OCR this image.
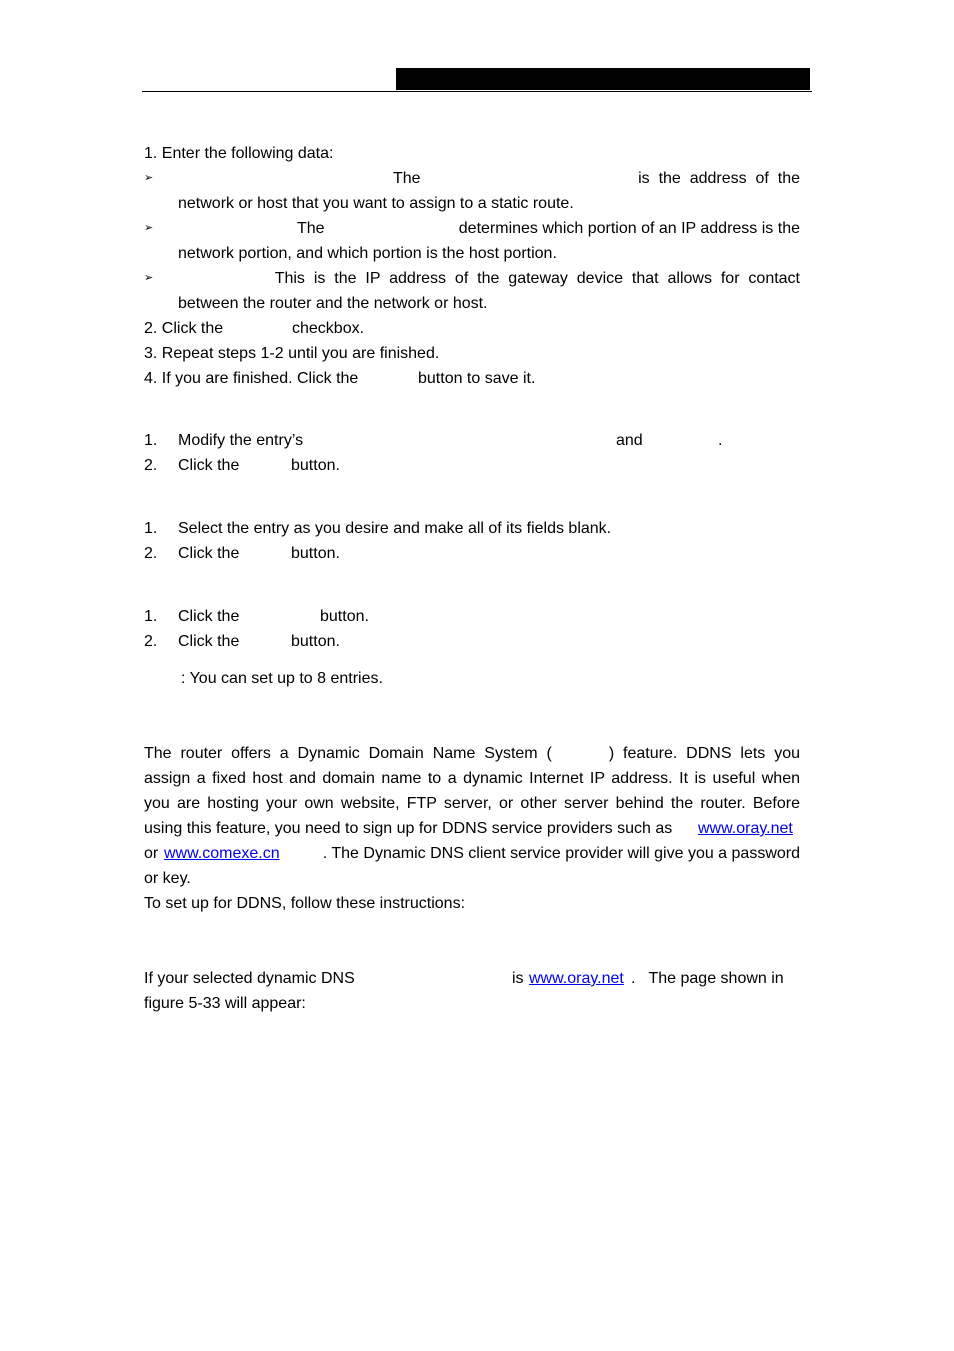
1. Enter the following data:
➢	The	is  the  address  of  the
network or host that you want to assign to a static route.
➢	The	determines which portion of an IP address is the
network portion, and which portion is the host portion.
➢	This  is  the  IP  address  of  the  gateway  device  that  allows  for  contact
between the router and the network or host.
2. Click the	checkbox.
3. Repeat steps 1-2 until you are finished.
4. If you are finished. Click the	button to save it.
1. Modify the entry’s	and	.
2. Click the	button.
1. Select the entry as you desire and make all of its fields blank.
2. Click the	button.
1. Click the	button.
2. Click the	button.
: You can set up to 8 entries.
The  router  offers  a  Dynamic  Domain  Name  System  (	)  feature.  DDNS  lets  you
assign a fixed host and domain name to a dynamic Internet IP address. It is useful when
you are hosting your own website, FTP server, or other server behind the router. Before
using this feature, you need to sign up for DDNS service providers such as www.oray.net
or www.comexe.cn	. The Dynamic DNS client service provider will give you a password
or key.
To set up for DDNS, follow these instructions:
If your selected dynamic DNS	is www.oray.net .   The page shown in
figure 5-33 will appear:
